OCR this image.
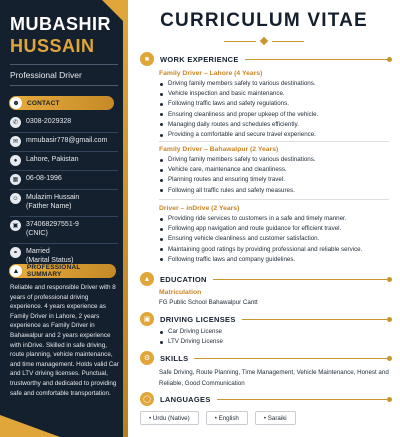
MUBASHIR
HUSSAIN
Professional Driver
☻	CONTACT
✆	0308-2029328
✉	mmubasir778@gmail.com
●	Lahore, Pakistan
▦	06-08-1996
☺	Mulazim Hussain
(Father Name)
▣	374068297551-9
(CNIC)
⚭	Married
(Marital Status)
▲	PROFESSIONAL SUMMARY
Reliable and responsible Driver with 8 years of professional driving experience. 4 years experience as Family Driver in Lahore, 2 years experience as Family Driver in Bahawalpur and 2 years experience with inDrive. Skilled in safe driving, route planning, vehicle maintenance, and time management. Holds valid Car and LTV driving licenses. Punctual, trustworthy and dedicated to providing safe and comfortable transportation.
CURRICULUM VITAE
■	WORK EXPERIENCE
Family Driver – Lahore (4 Years)
Driving family members safely to various destinations.
Vehicle inspection and basic maintenance.
Following traffic laws and safety regulations.
Ensuring cleanliness and proper upkeep of the vehicle.
Managing daily routes and schedules efficiently.
Providing a comfortable and secure travel experience.
Family Driver – Bahawalpur (2 Years)
Driving family members safely to various destinations.
Vehicle care, maintenance and cleanliness.
Planning routes and ensuring timely travel.
Following all traffic rules and safety measures.
Driver – inDrive (2 Years)
Providing ride services to customers in a safe and timely manner.
Following app navigation and route guidance for efficient travel.
Ensuring vehicle cleanliness and customer satisfaction.
Maintaining good ratings by providing professional and reliable service.
Following traffic laws and company guidelines.
▲	EDUCATION
Matriculation
FG Public School Bahawalpur Cantt
▣	DRIVING LICENSES
Car Driving License
LTV Driving License
⚙	SKILLS
Safe Driving, Route Planning, Time Management, Vehicle Maintenance, Honest and Reliable, Good Communication
◯	LANGUAGES
• Urdu (Native)	• English	• Saraiki
